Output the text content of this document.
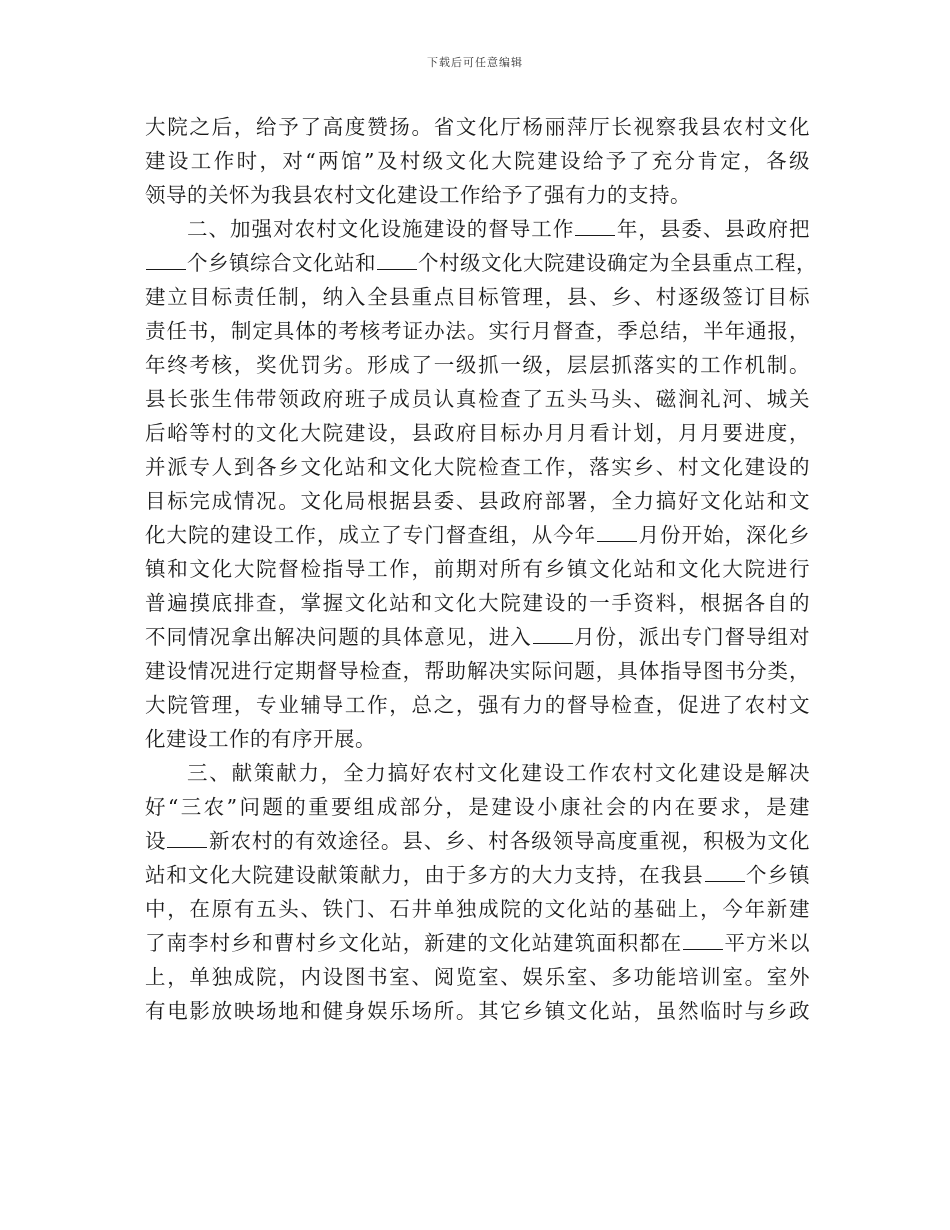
下载后可任意编辑
大院之后，给予了高度赞扬。省文化厅杨丽萍厅长视察我县农村文化
建设工作时，对“两馆”及村级文化大院建设给予了充分肯定，各级
领导的关怀为我县农村文化建设工作给予了强有力的支持。
二、加强对农村文化设施建设的督导工作 年，县委、县政府把
个乡镇综合文化站和 个村级文化大院建设确定为全县重点工程，
建立目标责任制，纳入全县重点目标管理，县、乡、村逐级签订目标
责任书，制定具体的考核考证办法。实行月督查，季总结，半年通报，
年终考核，奖优罚劣。形成了一级抓一级，层层抓落实的工作机制。
县长张生伟带领政府班子成员认真检查了五头马头、磁涧礼河、城关
后峪等村的文化大院建设，县政府目标办月月看计划，月月要进度，
并派专人到各乡文化站和文化大院检查工作，落实乡、村文化建设的
目标完成情况。文化局根据县委、县政府部署，全力搞好文化站和文
化大院的建设工作，成立了专门督查组，从今年 月份开始，深化乡
镇和文化大院督检指导工作，前期对所有乡镇文化站和文化大院进行
普遍摸底排查，掌握文化站和文化大院建设的一手资料，根据各自的
不同情况拿出解决问题的具体意见，进入 月份，派出专门督导组对
建设情况进行定期督导检查，帮助解决实际问题，具体指导图书分类，
大院管理，专业辅导工作，总之，强有力的督导检查，促进了农村文
化建设工作的有序开展。
三、献策献力，全力搞好农村文化建设工作农村文化建设是解决
好“三农”问题的重要组成部分，是建设小康社会的内在要求，是建
设 新农村的有效途径。县、乡、村各级领导高度重视，积极为文化
站和文化大院建设献策献力，由于多方的大力支持，在我县 个乡镇
中，在原有五头、铁门、石井单独成院的文化站的基础上，今年新建
了南李村乡和曹村乡文化站，新建的文化站建筑面积都在 平方米以
上，单独成院，内设图书室、阅览室、娱乐室、多功能培训室。室外
有电影放映场地和健身娱乐场所。其它乡镇文化站，虽然临时与乡政
